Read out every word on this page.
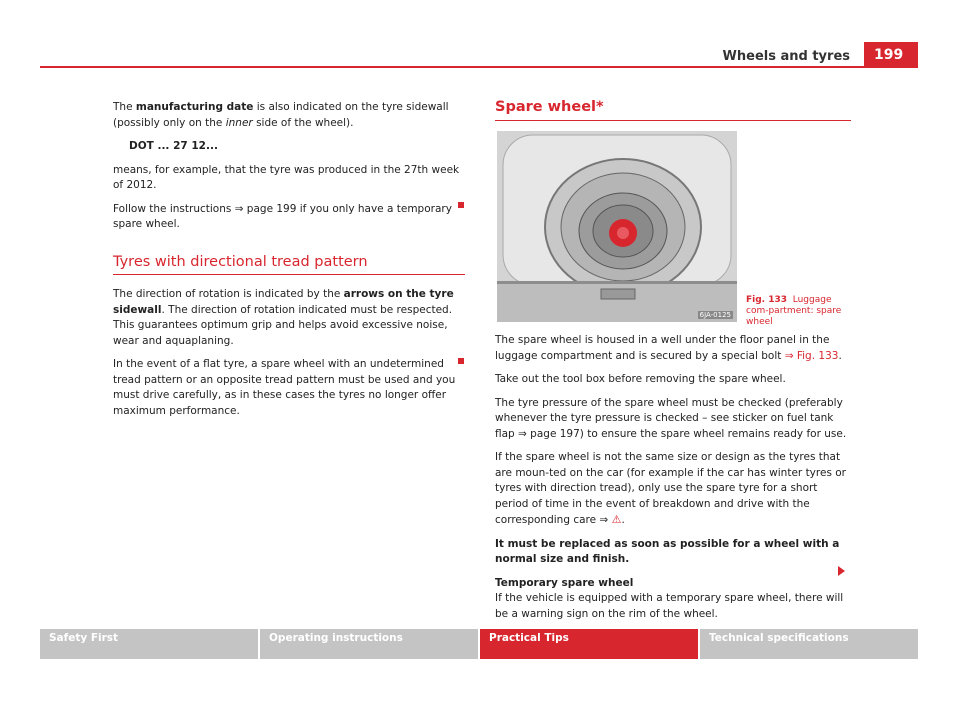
Wheels and tyres	199

The manufacturing date is also indicated on the tyre sidewall (possibly only on the inner side of the wheel).

DOT ... 27 12...

means, for example, that the tyre was produced in the 27th week of 2012.

Follow the instructions ⇒ page 199 if you only have a temporary spare wheel.

Tyres with directional tread pattern

The direction of rotation is indicated by the arrows on the tyre sidewall. The direction of rotation indicated must be respected. This guarantees optimum grip and helps avoid excessive noise, wear and aquaplaning.

In the event of a flat tyre, a spare wheel with an undetermined tread pattern or an opposite tread pattern must be used and you must drive carefully, as in these cases the tyres no longer offer maximum performance.

Spare wheel*
6JA-0125
Fig. 133 Luggage com-partment: spare wheel

The spare wheel is housed in a well under the floor panel in the luggage compartment and is secured by a special bolt ⇒ Fig. 133.

Take out the tool box before removing the spare wheel.

The tyre pressure of the spare wheel must be checked (preferably whenever the tyre pressure is checked – see sticker on fuel tank flap ⇒ page 197) to ensure the spare wheel remains ready for use.

If the spare wheel is not the same size or design as the tyres that are moun-ted on the car (for example if the car has winter tyres or tyres with direction tread), only use the spare tyre for a short period of time in the event of breakdown and drive with the corresponding care ⇒ ⚠.

It must be replaced as soon as possible for a wheel with a normal size and finish.

Temporary spare wheel

If the vehicle is equipped with a temporary spare wheel, there will be a warning sign on the rim of the wheel.

Safety First	Operating instructions	Practical Tips	Technical specifications
